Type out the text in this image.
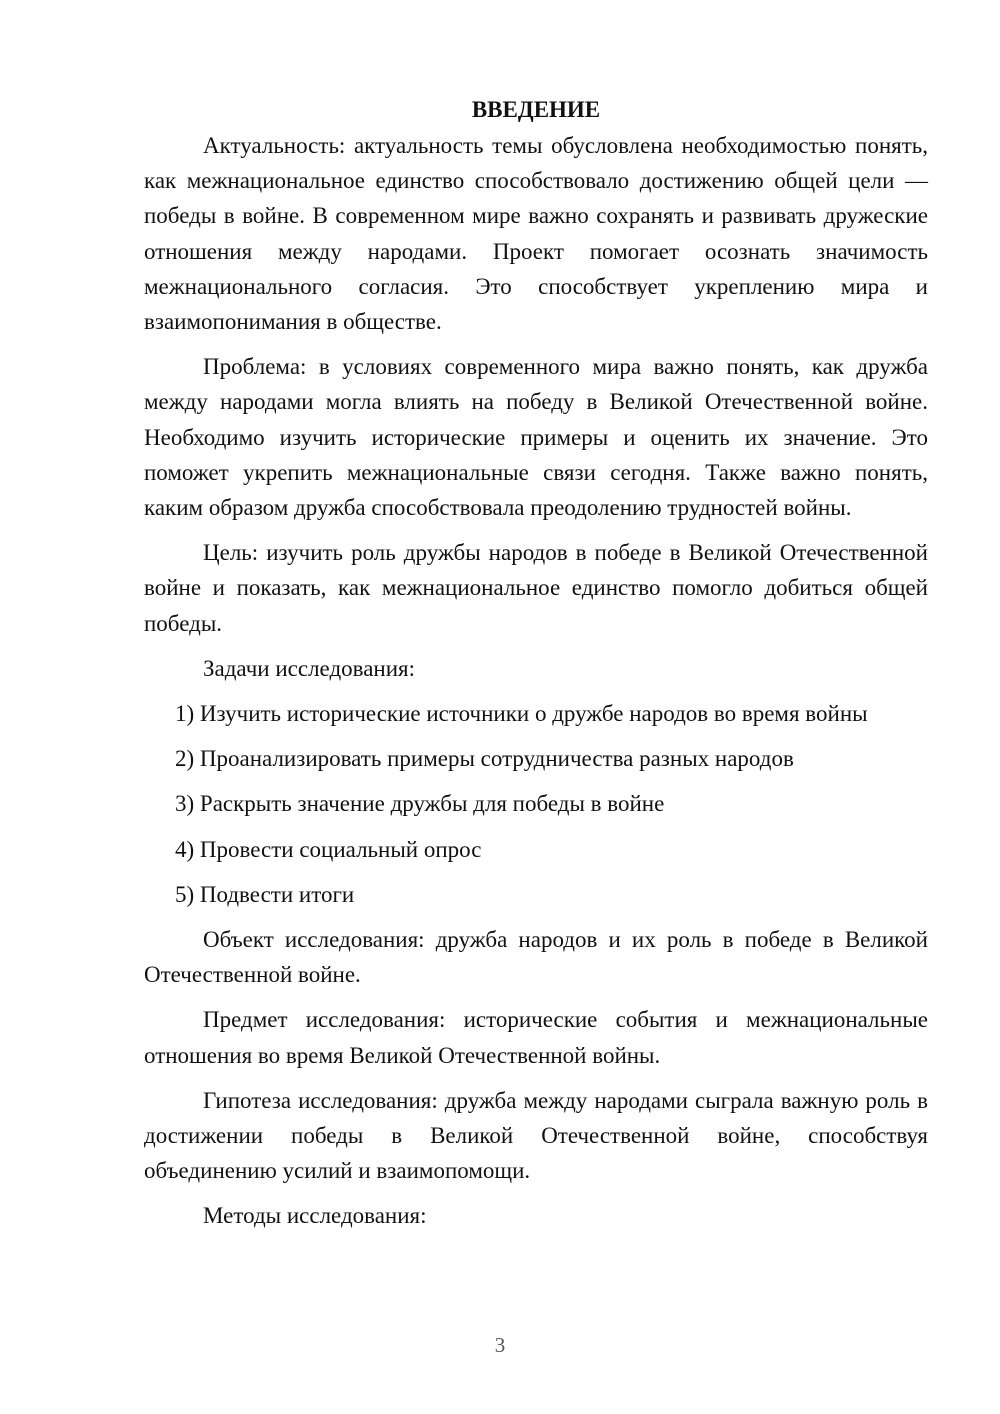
ВВЕДЕНИЕ

Актуальность: актуальность темы обусловлена необходимостью понять, как межнациональное единство способствовало достижению общей цели — победы в войне. В современном мире важно сохранять и развивать дружеские отношения между народами. Проект помогает осознать значимость межнационального согласия. Это способствует укреплению мира и взаимопонимания в обществе.

Проблема: в условиях современного мира важно понять, как дружба между народами могла влиять на победу в Великой Отечественной войне. Необходимо изучить исторические примеры и оценить их значение. Это поможет укрепить межнациональные связи сегодня. Также важно понять, каким образом дружба способствовала преодолению трудностей войны.

Цель: изучить роль дружбы народов в победе в Великой Отечественной войне и показать, как межнациональное единство помогло добиться общей победы.

Задачи исследования:

1) Изучить исторические источники о дружбе народов во время войны

2) Проанализировать примеры сотрудничества разных народов

3) Раскрыть значение дружбы для победы в войне

4) Провести социальный опрос

5) Подвести итоги

Объект исследования: дружба народов и их роль в победе в Великой Отечественной войне.

Предмет исследования: исторические события и межнациональные отношения во время Великой Отечественной войны.

Гипотеза исследования: дружба между народами сыграла важную роль в достижении победы в Великой Отечественной войне, способствуя объединению усилий и взаимопомощи.

Методы исследования:

3
